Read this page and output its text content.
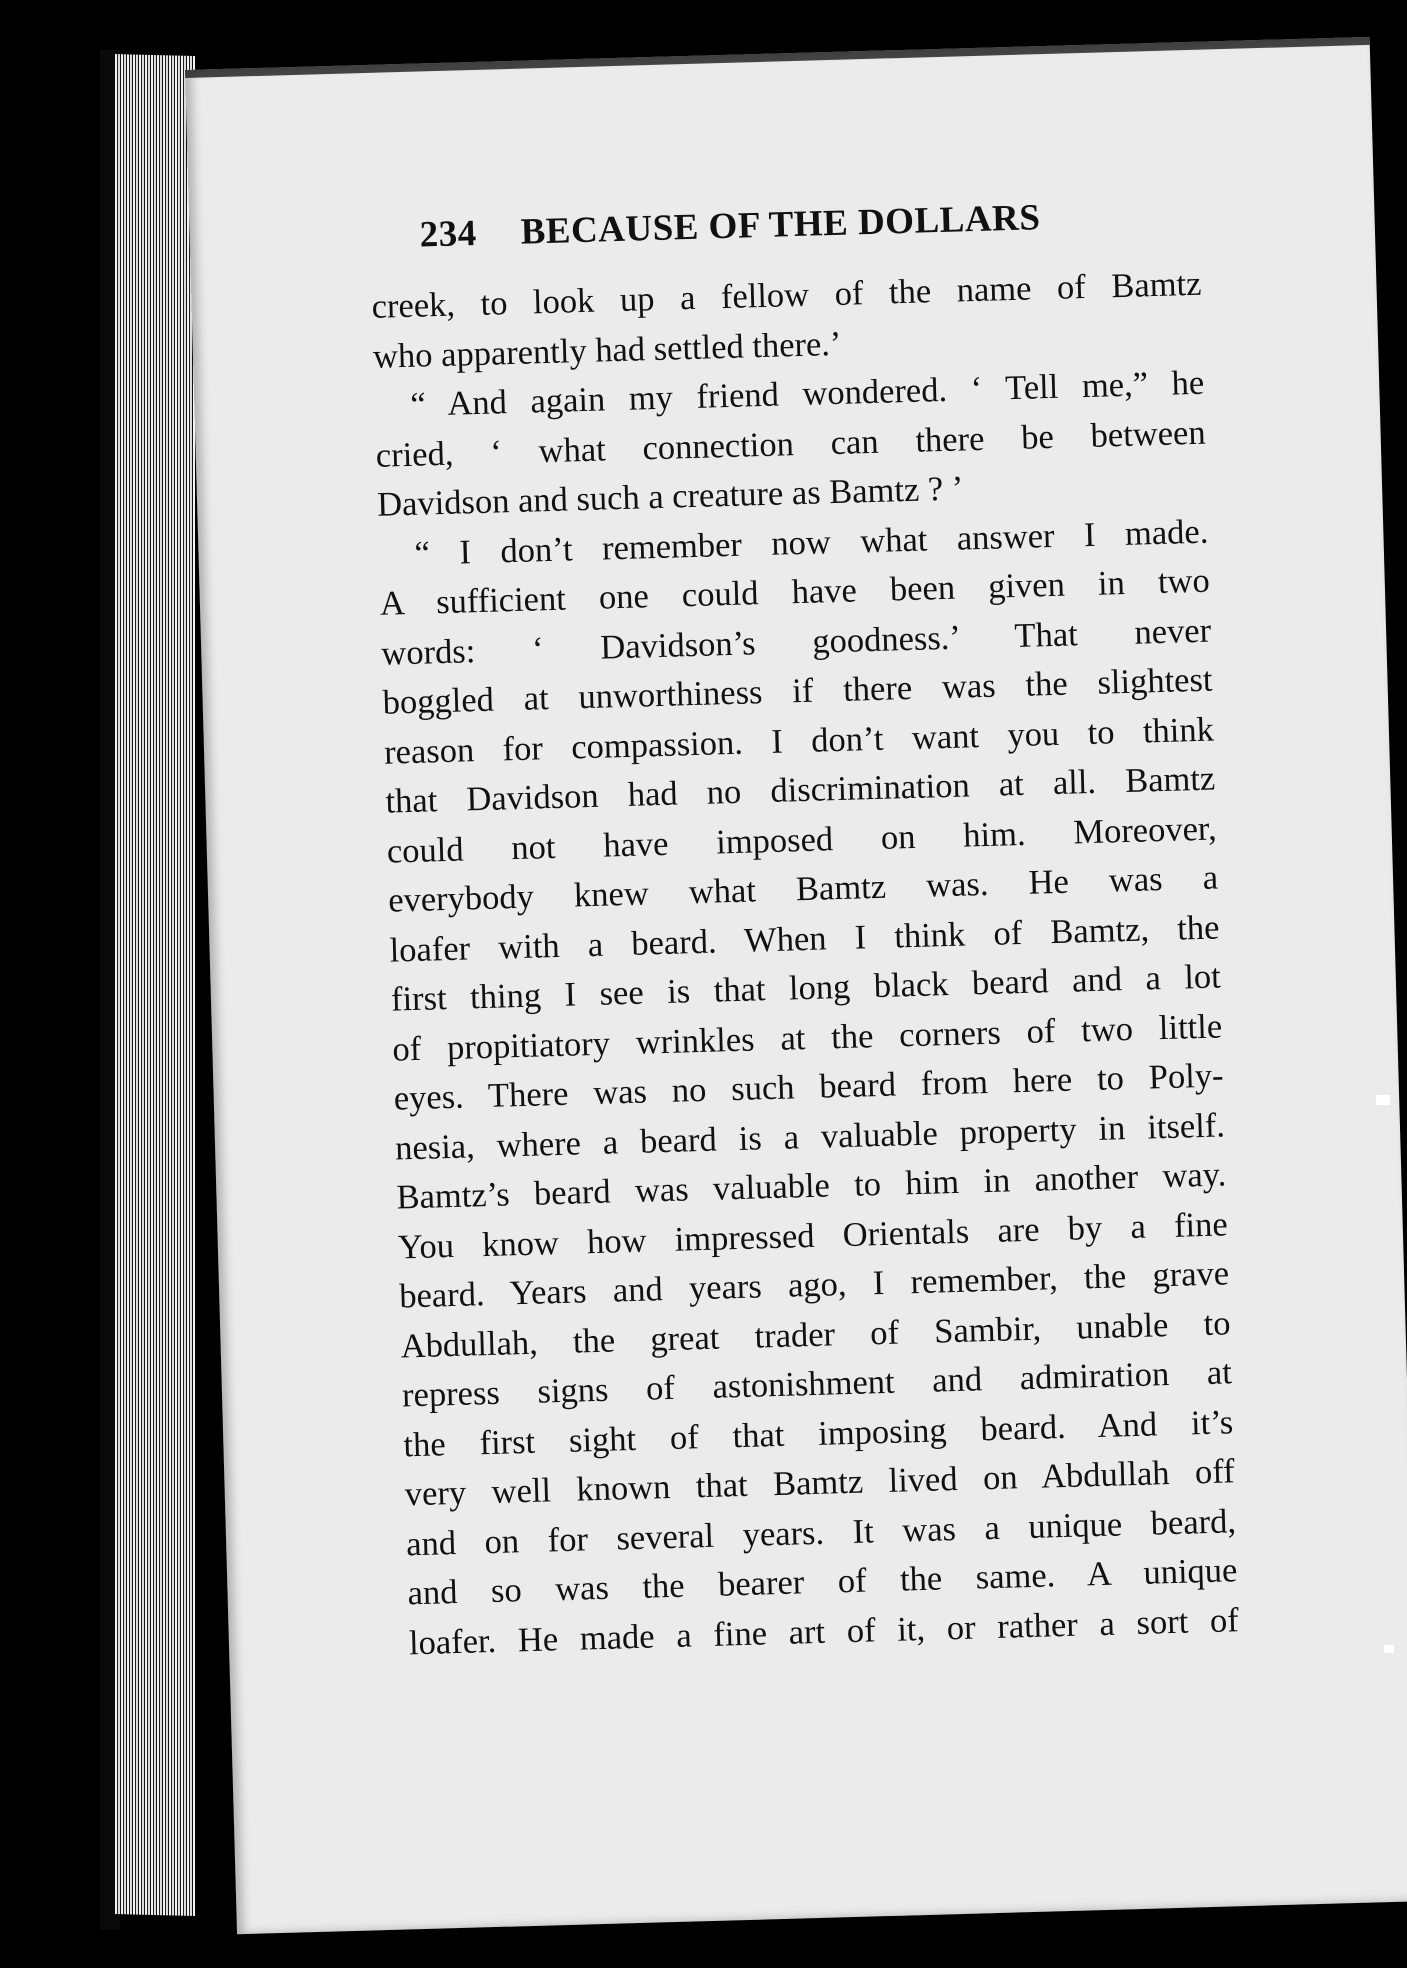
234 BECAUSE OF THE DOLLARS
creek, to look up a fellow of the name of Bamtz
who apparently had settled there.’
“ And again my friend wondered. ‘ Tell me,” he
cried, ‘ what connection can there be between
Davidson and such a creature as Bamtz ? ’
“ I don’t remember now what answer I made.
A sufficient one could have been given in two
words: ‘ Davidson’s goodness.’ That never
boggled at unworthiness if there was the slightest
reason for compassion. I don’t want you to think
that Davidson had no discrimination at all. Bamtz
could not have imposed on him. Moreover,
everybody knew what Bamtz was. He was a
loafer with a beard. When I think of Bamtz, the
first thing I see is that long black beard and a lot
of propitiatory wrinkles at the corners of two little
eyes. There was no such beard from here to Poly-
nesia, where a beard is a valuable property in itself.
Bamtz’s beard was valuable to him in another way.
You know how impressed Orientals are by a fine
beard. Years and years ago, I remember, the grave
Abdullah, the great trader of Sambir, unable to
repress signs of astonishment and admiration at
the first sight of that imposing beard. And it’s
very well known that Bamtz lived on Abdullah off
and on for several years. It was a unique beard,
and so was the bearer of the same. A unique
loafer. He made a fine art of it, or rather a sort of
